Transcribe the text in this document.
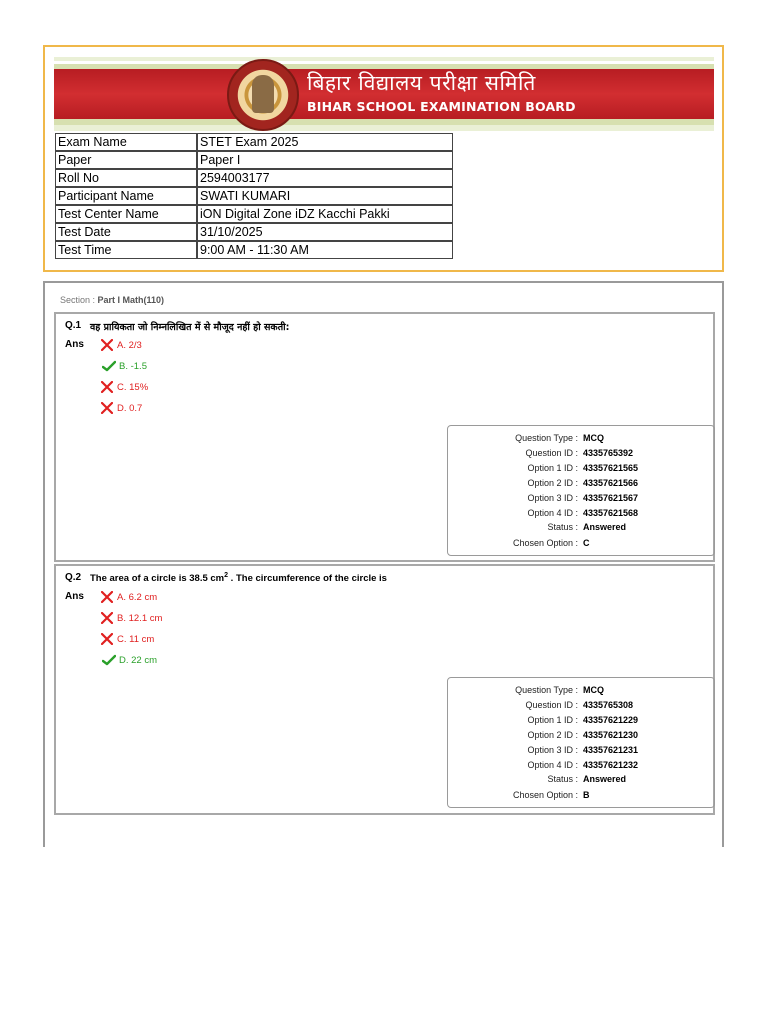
बिहार विद्यालय परीक्षा समिति
BIHAR SCHOOL EXAMINATION BOARD
Exam Name	STET Exam 2025
Paper	Paper I
Roll No	2594003177
Participant Name	SWATI KUMARI
Test Center Name	iON Digital Zone iDZ Kacchi Pakki
Test Date	31/10/2025
Test Time	9:00 AM - 11:30 AM
Section : Part I Math(110)
Q.1 वह प्रायिकता जो निम्नलिखित में से मौजूद नहीं हो सकती:
Ans	A. 2/3
B. -1.5
C. 15%
D. 0.7
Question Type : MCQ
Question ID : 4335765392
Option 1 ID : 43357621565
Option 2 ID : 43357621566
Option 3 ID : 43357621567
Option 4 ID : 43357621568
Status : Answered
Chosen Option : C
Q.2 The area of a circle is 38.5 $cm^2$ . The circumference of the circle is
Ans	A. 6.2 cm
B. 12.1 cm
C. 11 cm
D. 22 cm
Question Type : MCQ
Question ID : 4335765308
Option 1 ID : 43357621229
Option 2 ID : 43357621230
Option 3 ID : 43357621231
Option 4 ID : 43357621232
Status : Answered
Chosen Option : B
